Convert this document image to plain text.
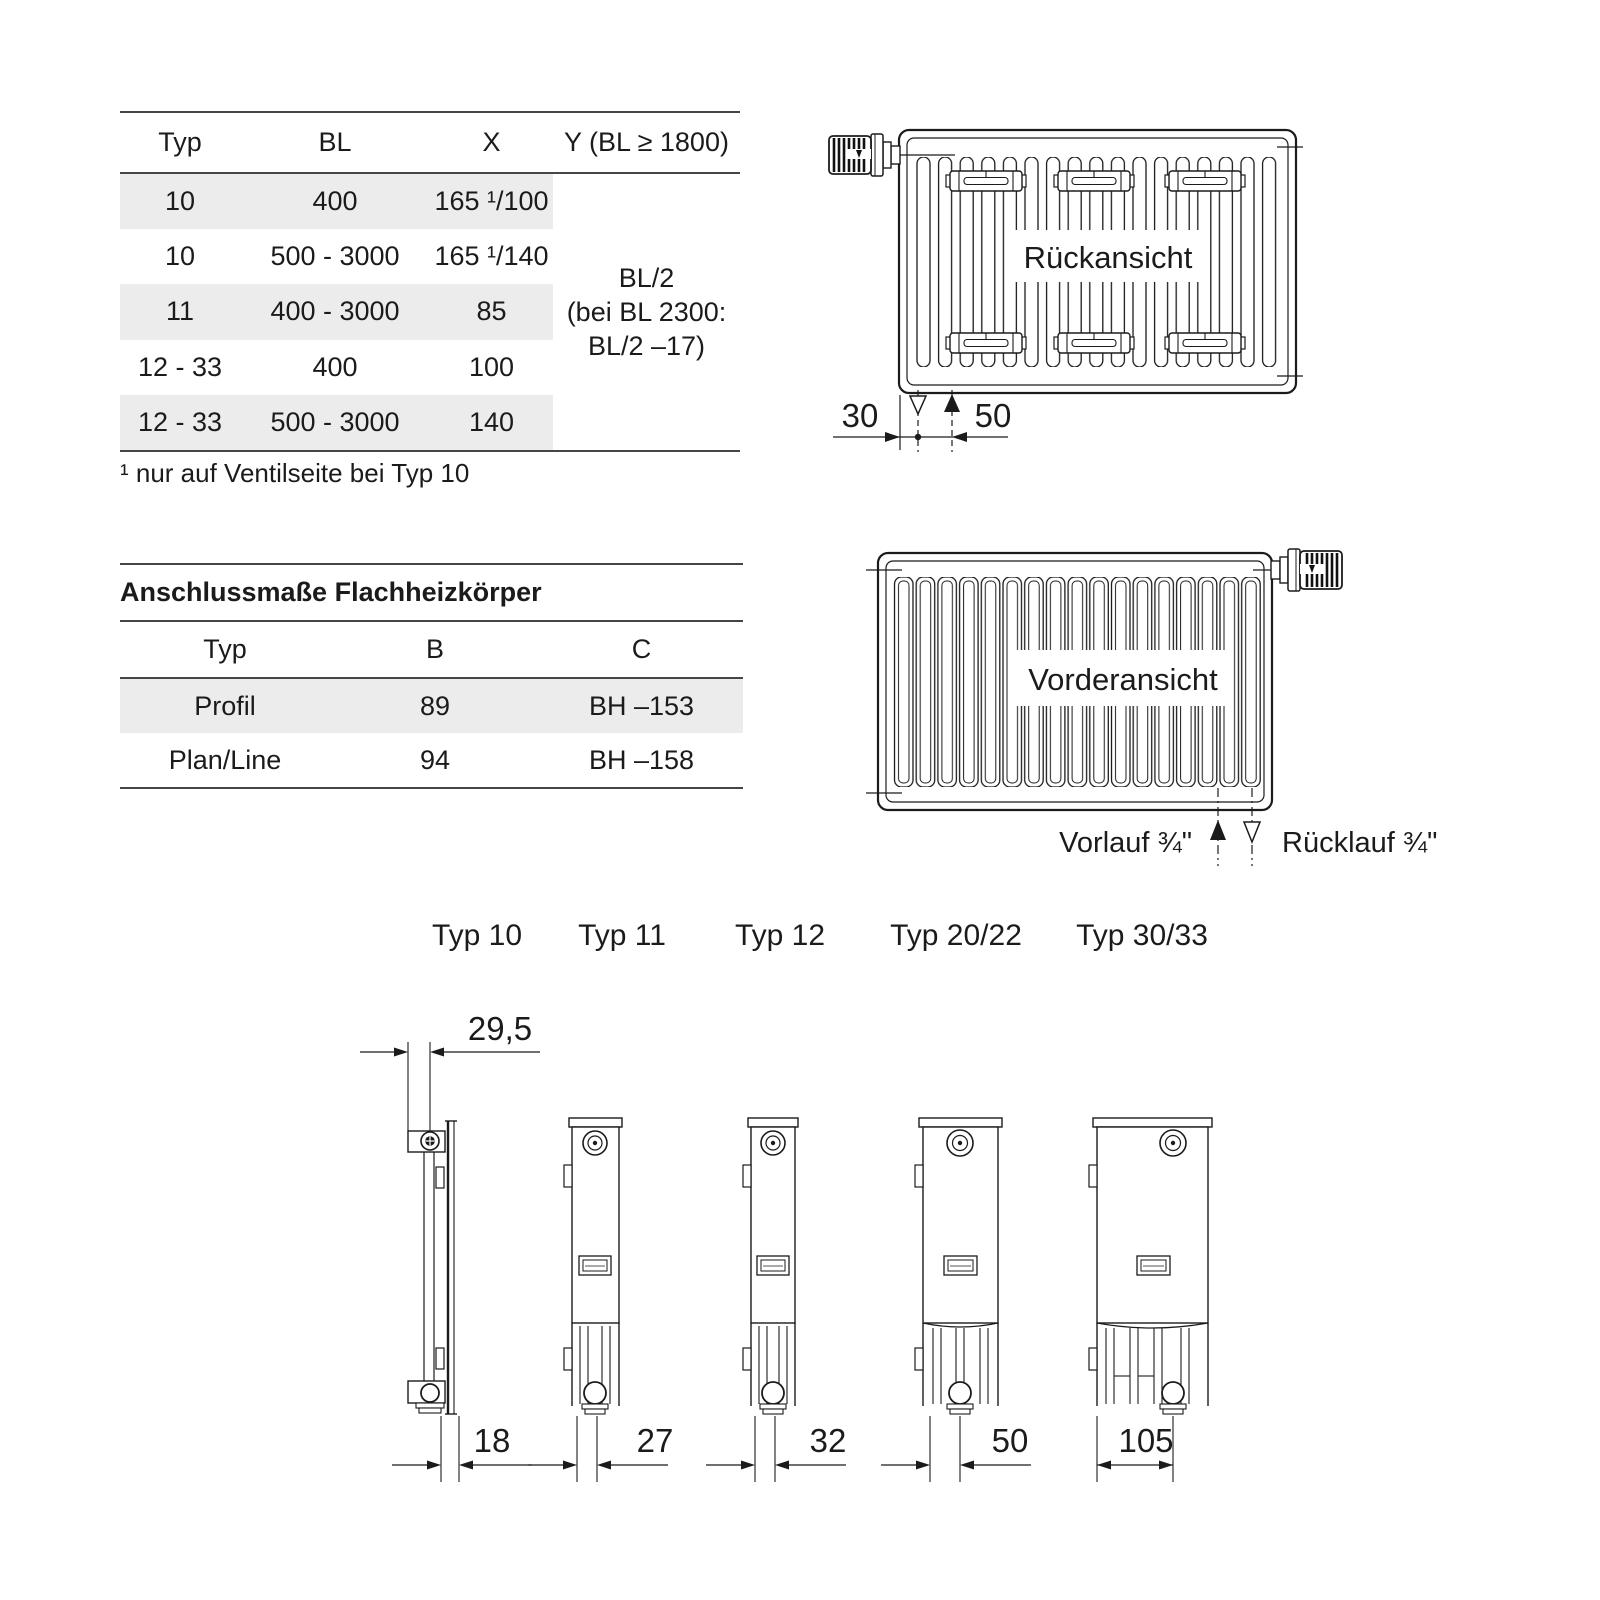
Typ	BL	X	Y (BL ≥ 1800)
10	400	165 ¹/100
10	500 - 3000	165 ¹/140
11	400 - 3000	85
12 - 33	400	100
12 - 33	500 - 3000	140
BL/2
(bei BL 2300:
BL/2 –17)
¹ nur auf Ventilseite bei Typ 10
Anschlussmaße Flachheizkörper
Typ	B	C
Profil	89	BH –153
Plan/Line	94	BH –158
Rückansicht
30	50
Vorderansicht
Vorlauf ¾"	Rücklauf ¾"
Typ 10 Typ 11 Typ 12 Typ 20/22 Typ 30/33
29,5
18	27	32	50	105
